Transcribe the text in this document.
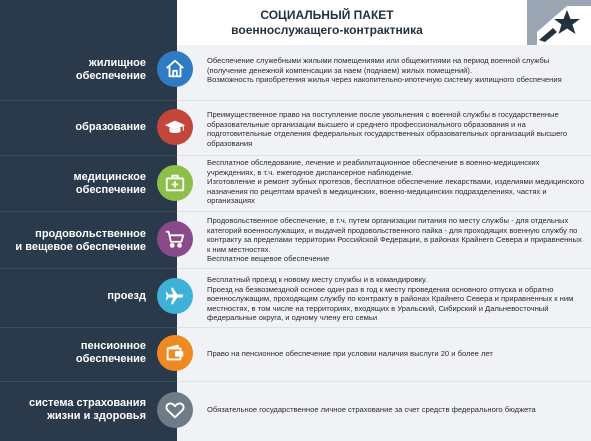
СОЦИАЛЬНЫЙ ПАКЕТ
военнослужащего-контрактника
жилищное
обеспечение
Обеспечение служебными жилыми помещениями или общежитиями на период военной службы (получение денежной компенсации за наем (поднаем) жилых помещений).
Возможность приобретения жилья через накопительно-ипотечную систему жилищного обеспечения
образование
Преимущественное право на поступление после увольнения с военной службы в государственные образовательные организации высшего и среднего профессионального образования и на подготовительные отделения федеральных государственных образовательных организаций высшего образования
медицинское
обеспечение
Бесплатное обследование, лечение и реабилитационное обеспечение в военно-медицинских учреждениях, в т.ч. ежегодное диспансерное наблюдение.
Изготовление и ремонт зубных протезов, бесплатное обеспечение лекарствами, изделиями медицинского назначения по рецептам врачей в медицинских, военно-медицинских подразделениях, частях и организациях
продовольственное
и вещевое обеспечение
Продовольственное обеспечение, в т.ч. путем организации питания по месту службы - для отдельных категорий военнослужащих, и выдачей продовольственного пайка - для проходящих военную службу по контракту за пределами территории Российской Федерации, в районах Крайнего Севера и приравненных к ним местностях.
Бесплатное вещевое обеспечение
проезд
Бесплатный проезд к новому месту службы и в командировку.
Проезд на безвозмездной основе один раз в год к месту проведения основного отпуска и обратно военнослужащим, проходящим службу по контракту в районах Крайнего Севера и приравненных к ним местностях, в том числе на территориях, входящих в Уральский, Сибирский и Дальневосточный федеральные округа, и одному члену его семьи
пенсионное
обеспечение	Право на пенсионное обеспечение при условии наличия выслуги 20 и более лет
система страхования
жизни и здоровья
Обязательное государственное личное страхование за счет средств федерального бюджета
